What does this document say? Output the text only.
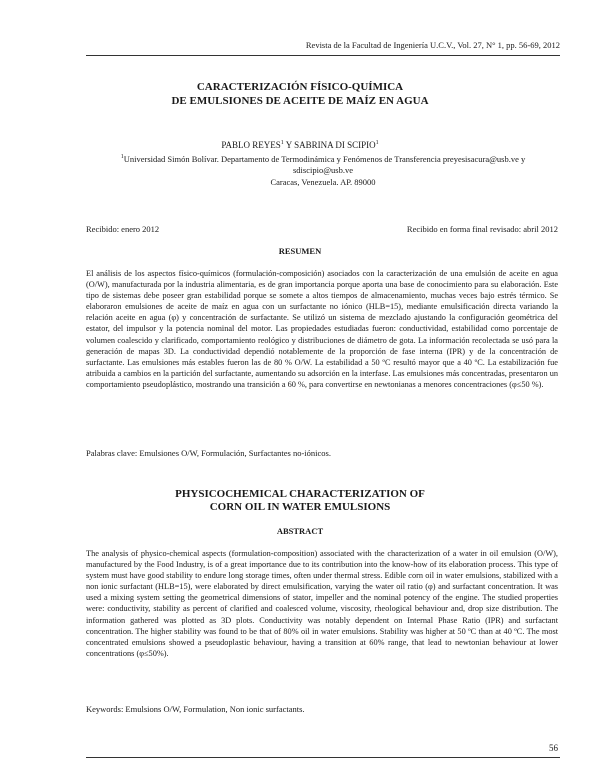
Revista de la Facultad de Ingeniería U.C.V., Vol. 27, N° 1, pp. 56-69, 2012
CARACTERIZACIÓN FÍSICO-QUÍMICA
DE EMULSIONES DE ACEITE DE MAÍZ EN AGUA
PABLO REYES$^1$ Y SABRINA DI SCIPIO$^1$
$^1$Universidad Simón Bolívar. Departamento de Termodinámica y Fenómenos de Transferencia preyesisacura@usb.ve y
sdiscipio@usb.ve
Caracas, Venezuela. AP. 89000
Recibido: enero 2012	Recibido en forma final revisado: abril 2012
RESUMEN
El análisis de los aspectos físico-químicos (formulación-composición) asociados con la caracterización de una emulsión de aceite en agua (O/W), manufacturada por la industria alimentaria, es de gran importancia porque aporta una base de conocimiento para su elaboración. Este tipo de sistemas debe poseer gran estabilidad porque se somete a altos tiempos de almacenamiento, muchas veces bajo estrés térmico. Se elaboraron emulsiones de aceite de maíz en agua con un surfactante no iónico (HLB=15), mediante emulsificación directa variando la relación aceite en agua (φ) y concentración de surfactante. Se utilizó un sistema de mezclado ajustando la configuración geométrica del estator, del impulsor y la potencia nominal del motor. Las propiedades estudiadas fueron: conductividad, estabilidad como porcentaje de volumen coalescido y clarificado, comportamiento reológico y distribuciones de diámetro de gota. La información recolectada se usó para la generación de mapas 3D. La conductividad dependió notablemente de la proporción de fase interna (IPR) y de la concentración de surfactante. Las emulsiones más estables fueron las de 80 % O/W. La estabilidad a 50 ºC resultó mayor que a 40 ºC. La estabilización fue atribuida a cambios en la partición del surfactante, aumentando su adsorción en la interfase. Las emulsiones más concentradas, presentaron un comportamiento pseudoplástico, mostrando una transición a 60 %, para convertirse en newtonianas a menores concentraciones (φ≤50 %).
Palabras clave: Emulsiones O/W, Formulación, Surfactantes no-iónicos.
PHYSICOCHEMICAL CHARACTERIZATION OF
CORN OIL IN WATER EMULSIONS
ABSTRACT
The analysis of physico-chemical aspects (formulation-composition) associated with the characterization of a water in oil emulsion (O/W), manufactured by the Food Industry, is of a great importance due to its contribution into the know-how of its elaboration process. This type of system must have good stability to endure long storage times, often under thermal stress. Edible corn oil in water emulsions, stabilized with a non ionic surfactant (HLB=15), were elaborated by direct emulsification, varying the water oil ratio (φ) and surfactant concentration. It was used a mixing system setting the geometrical dimensions of stator, impeller and the nominal potency of the engine. The studied properties were: conductivity, stability as percent of clarified and coalesced volume, viscosity, rheological behaviour and, drop size distribution. The information gathered was plotted as 3D plots. Conductivity was notably dependent on Internal Phase Ratio (IPR) and surfactant concentration. The higher stability was found to be that of 80% oil in water emulsions. Stability was higher at 50 ºC than at 40 ºC. The most concentrated emulsions showed a pseudoplastic behaviour, having a transition at 60% range, that lead to newtonian behaviour at lower concentrations (φ≤50%).
Keywords: Emulsions O/W, Formulation, Non ionic surfactants.
56
